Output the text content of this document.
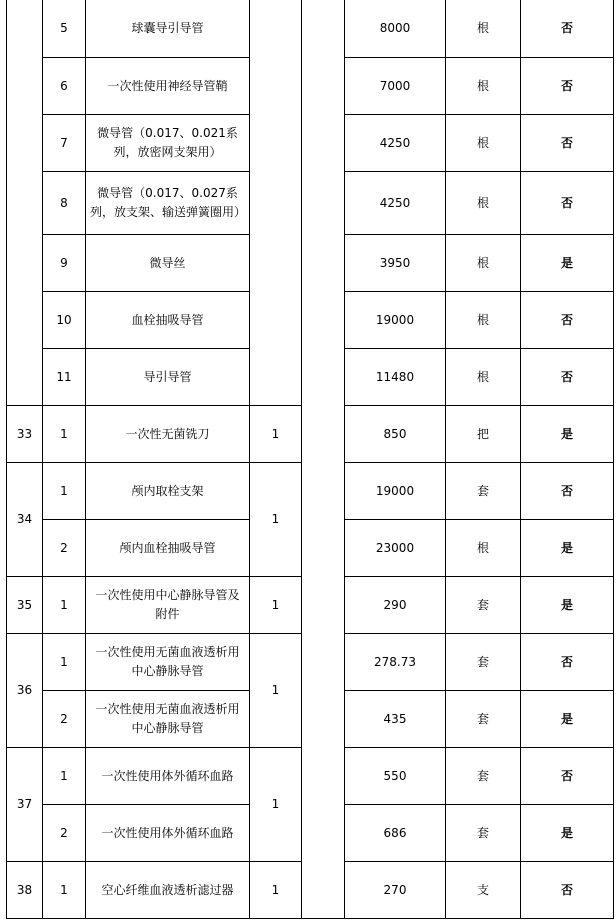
	5	球囊导引导管			8000	根	否
	6	一次性使用神经导管鞘			7000	根	否
	7	微导管（0.017、0.021系列，放密网支架用）			4250	根	否
	8	微导管（0.017、0.027系列，放支架、输送弹簧圈用）			4250	根	否
	9	微导丝			3950	根	是
	10	血栓抽吸导管			19000	根	否
	11	导引导管			11480	根	否
33	1	一次性无菌铣刀	1		850	把	是
34	1	颅内取栓支架	1		19000	套	否
	2	颅内血栓抽吸导管			23000	根	是
35	1	一次性使用中心静脉导管及附件	1		290	套	是
36	1	一次性使用无菌血液透析用中心静脉导管	1		278.73	套	否
	2	一次性使用无菌血液透析用中心静脉导管			435	套	是
37	1	一次性使用体外循环血路	1		550	套	否
	2	一次性使用体外循环血路			686	套	是
38	1	空心纤维血液透析滤过器	1		270	支	否
